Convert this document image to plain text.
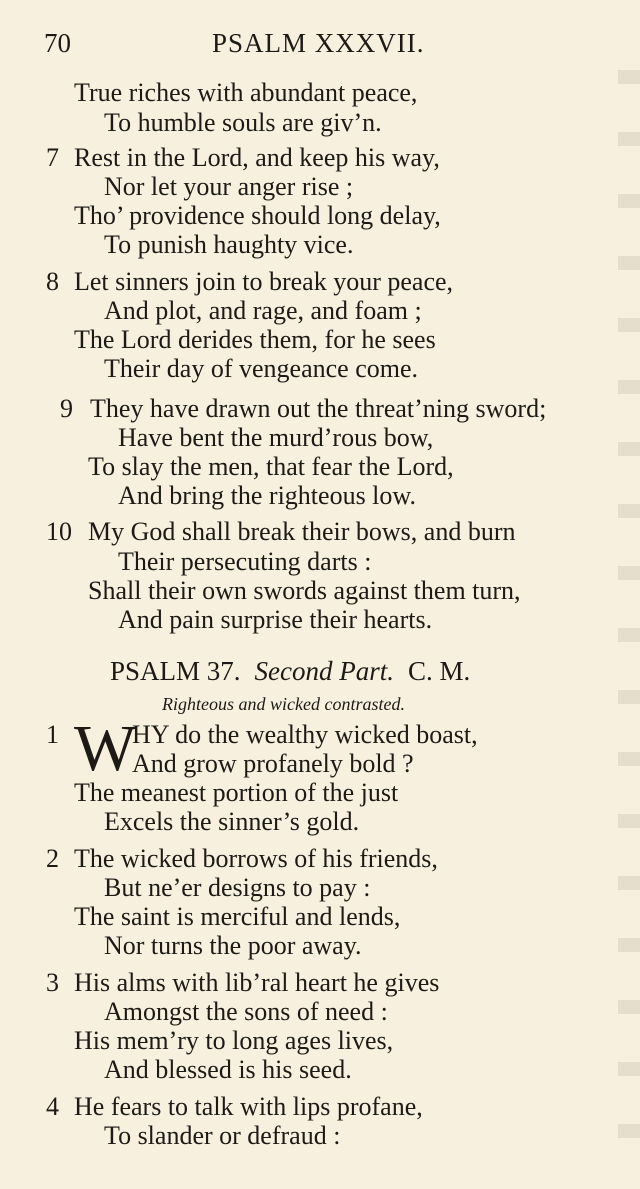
70	PSALM XXXVII.
True riches with abundant peace,
To humble souls are giv’n.
7 Rest in the Lord, and keep his way,
Nor let your anger rise ;
Tho’ providence should long delay,
To punish haughty vice.
8 Let sinners join to break your peace,
And plot, and rage, and foam ;
The Lord derides them, for he sees
Their day of vengeance come.
9 They have drawn out the threat’ning sword;
Have bent the murd’rous bow,
To slay the men, that fear the Lord,
And bring the righteous low.
10 My God shall break their bows, and burn
Their persecuting darts :
Shall their own swords against them turn,
And pain surprise their hearts.
PSALM 37. Second Part. C. M.
Righteous and wicked contrasted.
1 W
HY do the wealthy wicked boast,
And grow profanely bold ?
The meanest portion of the just
Excels the sinner’s gold.
2 The wicked borrows of his friends,
But ne’er designs to pay :
The saint is merciful and lends,
Nor turns the poor away.
3 His alms with lib’ral heart he gives
Amongst the sons of need :
His mem’ry to long ages lives,
And blessed is his seed.
4 He fears to talk with lips profane,
To slander or defraud :
